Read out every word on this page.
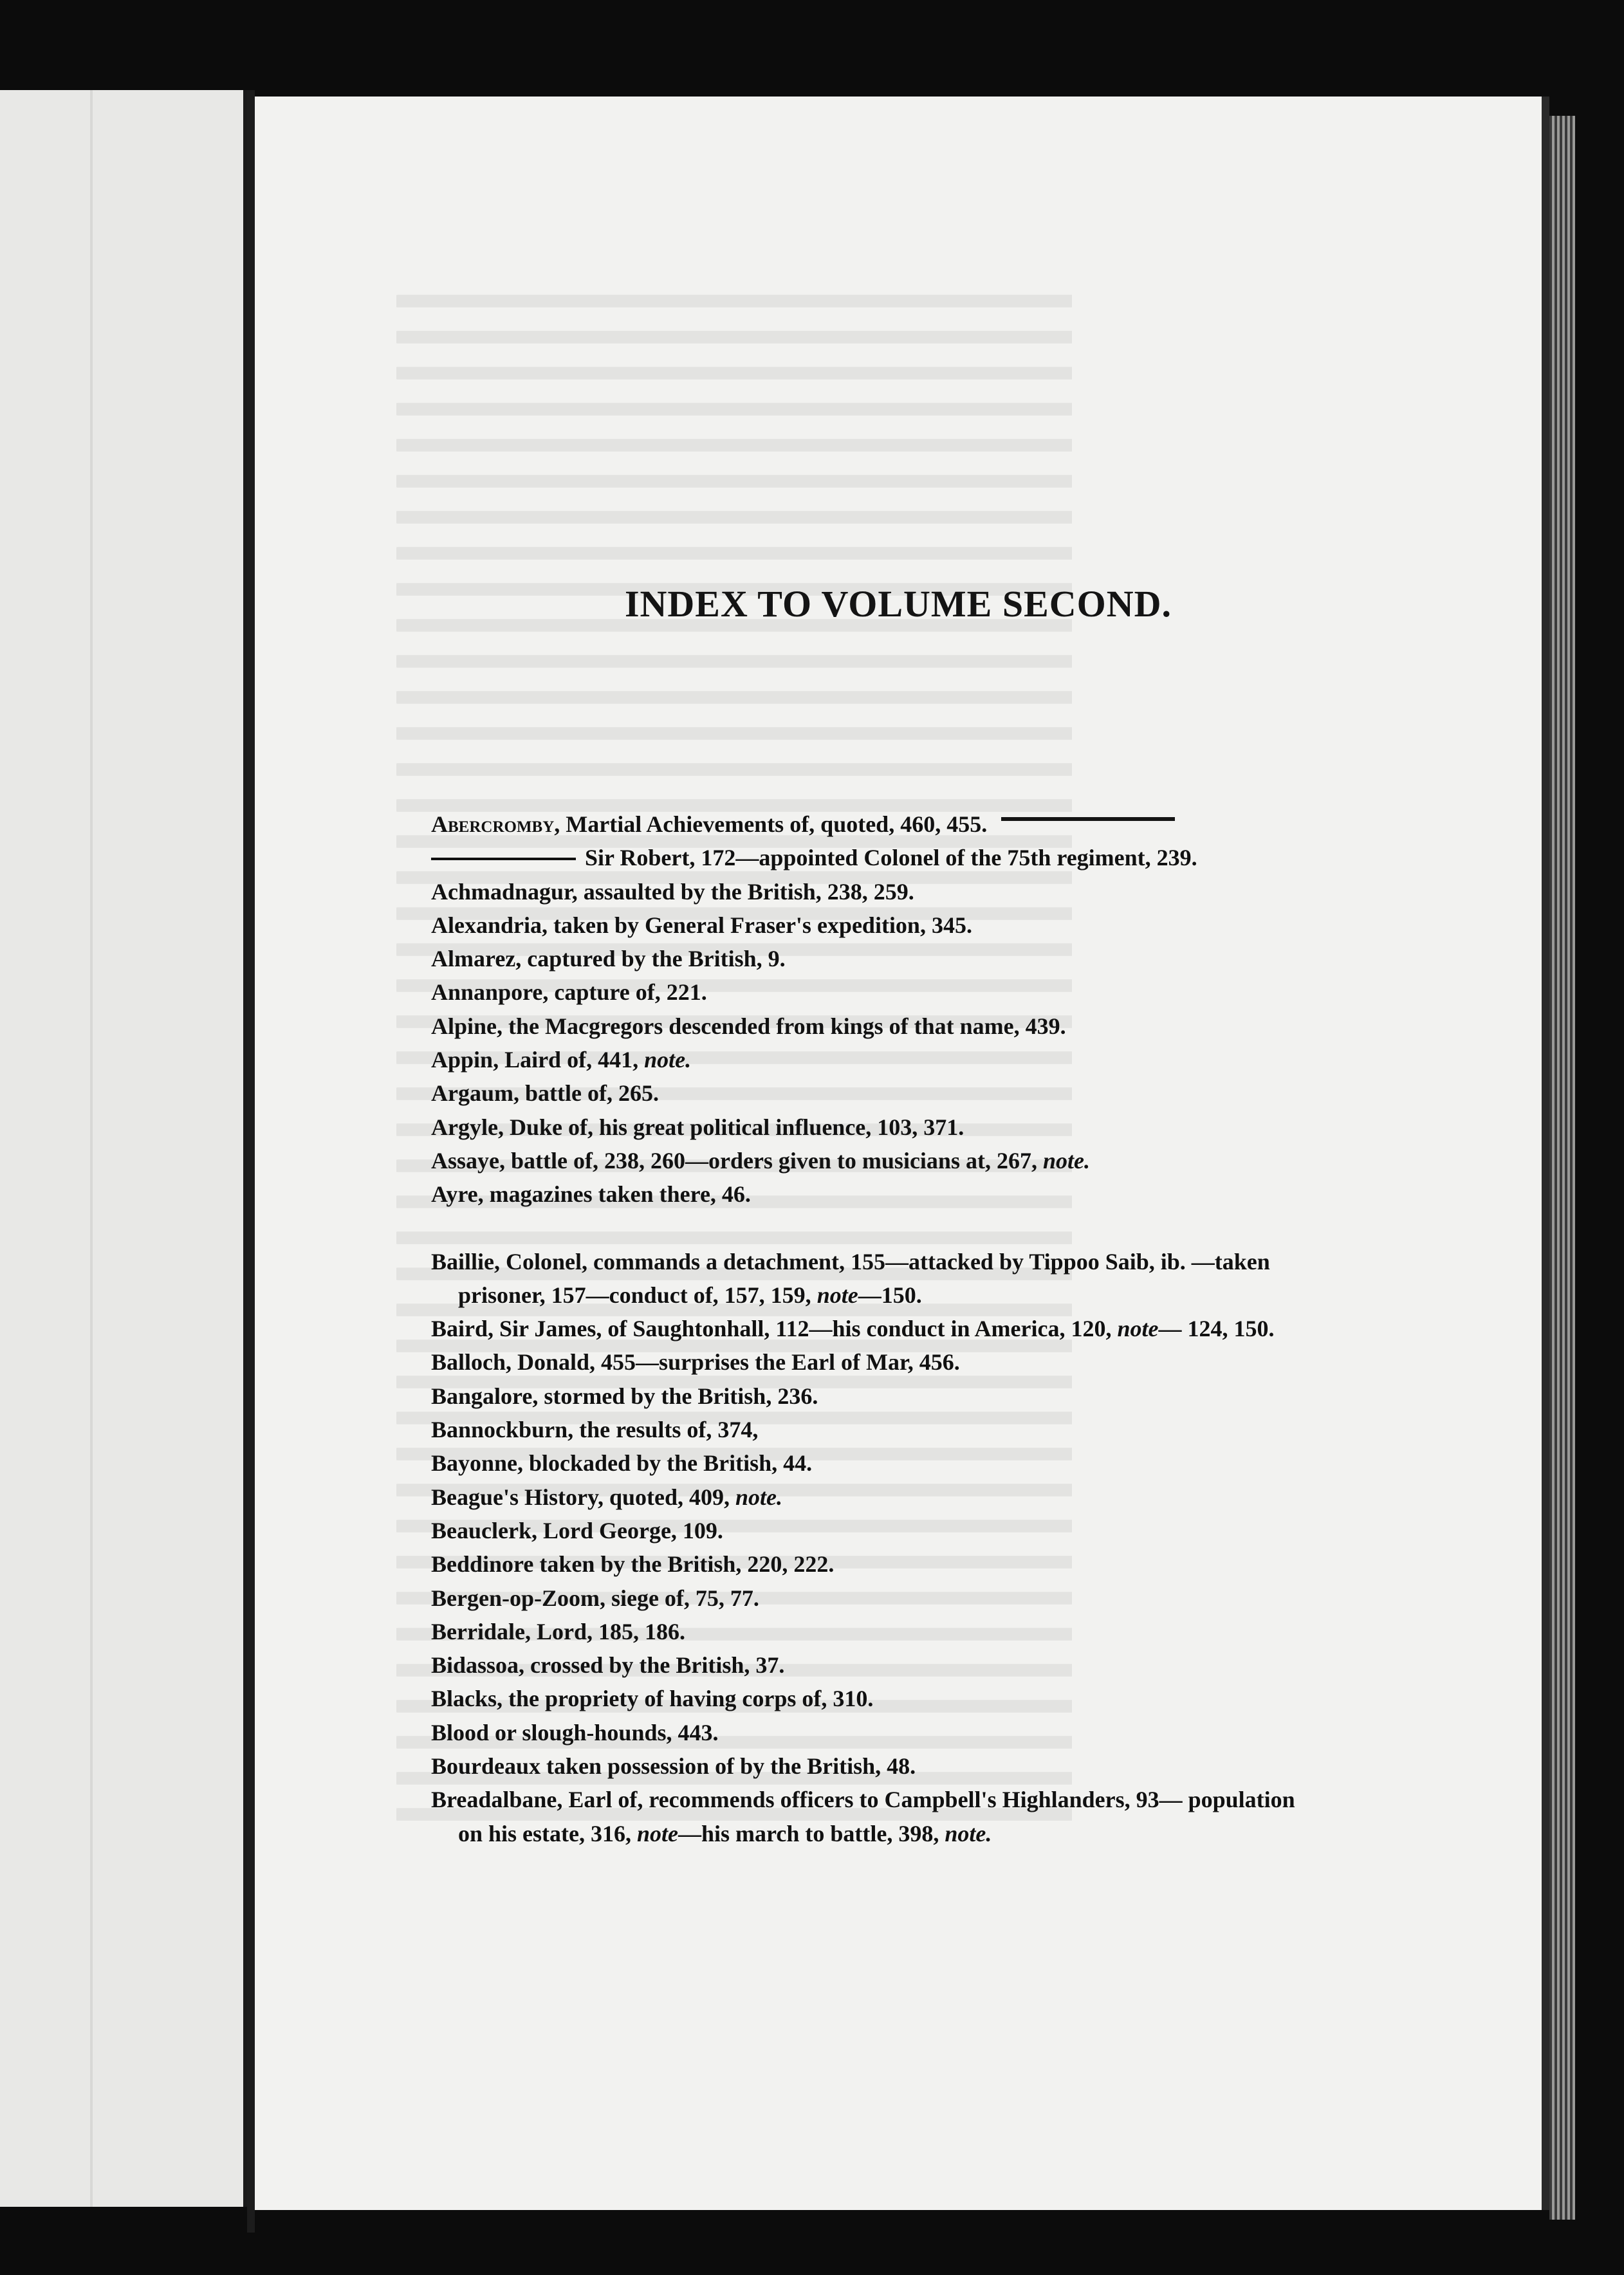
INDEX TO VOLUME SECOND.

Abercromby, Martial Achievements of, quoted, 460, 455.

Sir Robert, 172—appointed Colonel of the 75th regiment, 239.

Achmadnagur, assaulted by the British, 238, 259.

Alexandria, taken by General Fraser's expedition, 345.

Almarez, captured by the British, 9.

Annanpore, capture of, 221.

Alpine, the Macgregors descended from kings of that name, 439.

Appin, Laird of, 441, note.

Argaum, battle of, 265.

Argyle, Duke of, his great political influence, 103, 371.

Assaye, battle of, 238, 260—orders given to musicians at, 267, note.

Ayre, magazines taken there, 46.

Baillie, Colonel, commands a detachment, 155—attacked by Tippoo Saib, ib. —taken prisoner, 157—conduct of, 157, 159, note—150.

Baird, Sir James, of Saughtonhall, 112—his conduct in America, 120, note— 124, 150.

Balloch, Donald, 455—surprises the Earl of Mar, 456.

Bangalore, stormed by the British, 236.

Bannockburn, the results of, 374,

Bayonne, blockaded by the British, 44.

Beague's History, quoted, 409, note.

Beauclerk, Lord George, 109.

Beddinore taken by the British, 220, 222.

Bergen-op-Zoom, siege of, 75, 77.

Berridale, Lord, 185, 186.

Bidassoa, crossed by the British, 37.

Blacks, the propriety of having corps of, 310.

Blood or slough-hounds, 443.

Bourdeaux taken possession of by the British, 48.

Breadalbane, Earl of, recommends officers to Campbell's Highlanders, 93— population on his estate, 316, note—his march to battle, 398, note.
